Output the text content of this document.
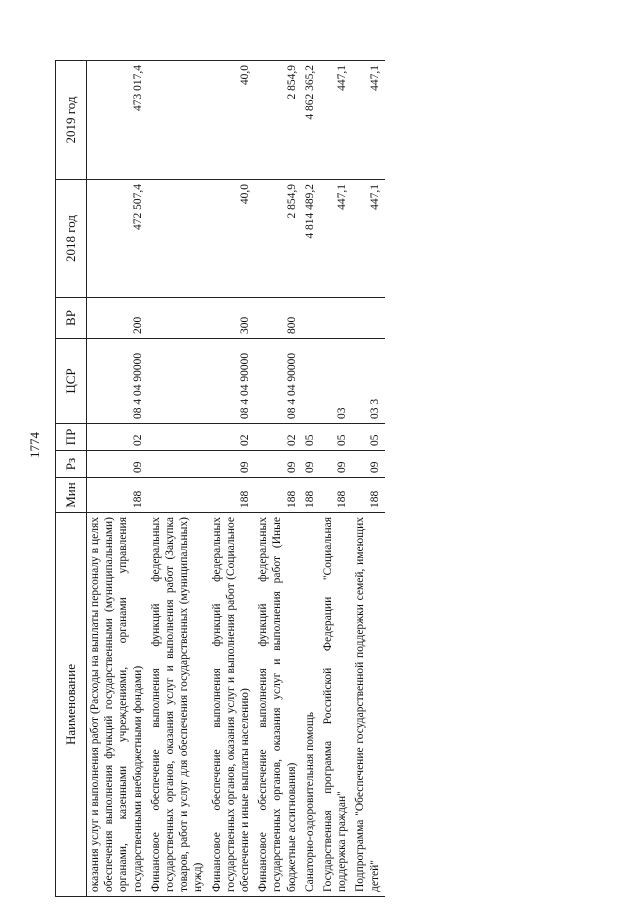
1774
Наименование	Мин	Рз	ПР	ЦСР	ВР	2018 год	2019 год
оказания услуг и выполнения работ (Расходы на выплаты персоналу в целях обеспечения выполнения функций государственными (муниципальными) органами, казенными учреждениями, органами управления государственными внебюджетными фондами)	188	09	02	08 4 04 90000	200	472 507,4	473 017,4
Финансовое обеспечение выполнения функций федеральных государственных органов, оказания услуг и выполнения работ (Закупка товаров, работ и услуг для обеспечения государственных (муниципальных) нужд)							
Финансовое обеспечение выполнения функций федеральных государственных органов, оказания услуг и выполнения работ (Социальное обеспечение и иные выплаты населению)	188	09	02	08 4 04 90000	300	40,0	40,0
Финансовое обеспечение выполнения функций федеральных государственных органов, оказания услуг и выполнения работ (Иные бюджетные ассигнования)	188	09	02	08 4 04 90000	800	2 854,9	2 854,9
Санаторно-оздоровительная помощь	188	09	05			4 814 489,2	4 862 365,2
Государственная программа Российской Федерации "Социальная поддержка граждан"	188	09	05	03		447,1	447,1
Подпрограмма "Обеспечение государственной поддержки семей, имеющих детей"	188	09	05	03 3		447,1	447,1
